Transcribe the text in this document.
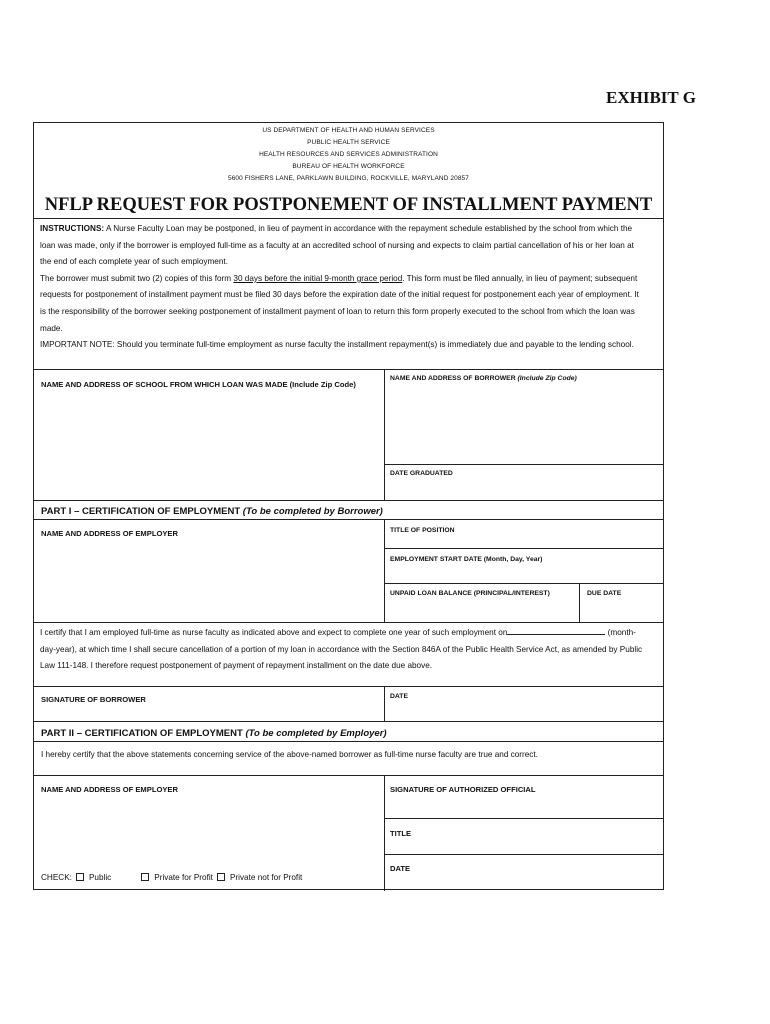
EXHIBIT G
US DEPARTMENT OF HEALTH AND HUMAN SERVICES
PUBLIC HEALTH SERVICE
HEALTH RESOURCES AND SERVICES ADMINISTRATION
BUREAU OF HEALTH WORKFORCE
5600 FISHERS LANE, PARKLAWN BUILDING, ROCKVILLE, MARYLAND 20857
NFLP REQUEST FOR POSTPONEMENT OF INSTALLMENT PAYMENT
INSTRUCTIONS: A Nurse Faculty Loan may be postponed, in lieu of payment in accordance with the repayment schedule established by the school from which the loan was made, only if the borrower is employed full-time as a faculty at an accredited school of nursing and expects to claim partial cancellation of his or her loan at the end of each complete year of such employment.
The borrower must submit two (2) copies of this form 30 days before the initial 9-month grace period. This form must be filed annually, in lieu of payment; subsequent requests for postponement of installment payment must be filed 30 days before the expiration date of the initial request for postponement each year of employment. It is the responsibility of the borrower seeking postponement of installment payment of loan to return this form properly executed to the school from which the loan was made.
IMPORTANT NOTE: Should you terminate full-time employment as nurse faculty the installment repayment(s) is immediately due and payable to the lending school.
NAME AND ADDRESS OF SCHOOL FROM WHICH LOAN WAS MADE (Include Zip Code)
NAME AND ADDRESS OF BORROWER (Include Zip Code)
DATE GRADUATED
PART I – CERTIFICATION OF EMPLOYMENT (To be completed by Borrower)
NAME AND ADDRESS OF EMPLOYER	TITLE OF POSITION
EMPLOYMENT START DATE (Month, Day, Year)
UNPAID LOAN BALANCE (PRINCIPAL/INTEREST)	DUE DATE
I certify that I am employed full-time as nurse faculty as indicated above and expect to complete one year of such employment on	(month-day-year), at which time I shall secure cancellation of a portion of my loan in accordance with the Section 846A of the Public Health Service Act, as amended by Public Law 111-148. I therefore request postponement of payment of repayment installment on the date due above.
SIGNATURE OF BORROWER	DATE
PART II – CERTIFICATION OF EMPLOYMENT (To be completed by Employer)
I hereby certify that the above statements concerning service of the above-named borrower as full-time nurse faculty are true and correct.
NAME AND ADDRESS OF EMPLOYER	SIGNATURE OF AUTHORIZED OFFICIAL
TITLE
DATE
CHECK: Public	Private for Profit Private not for Profit
